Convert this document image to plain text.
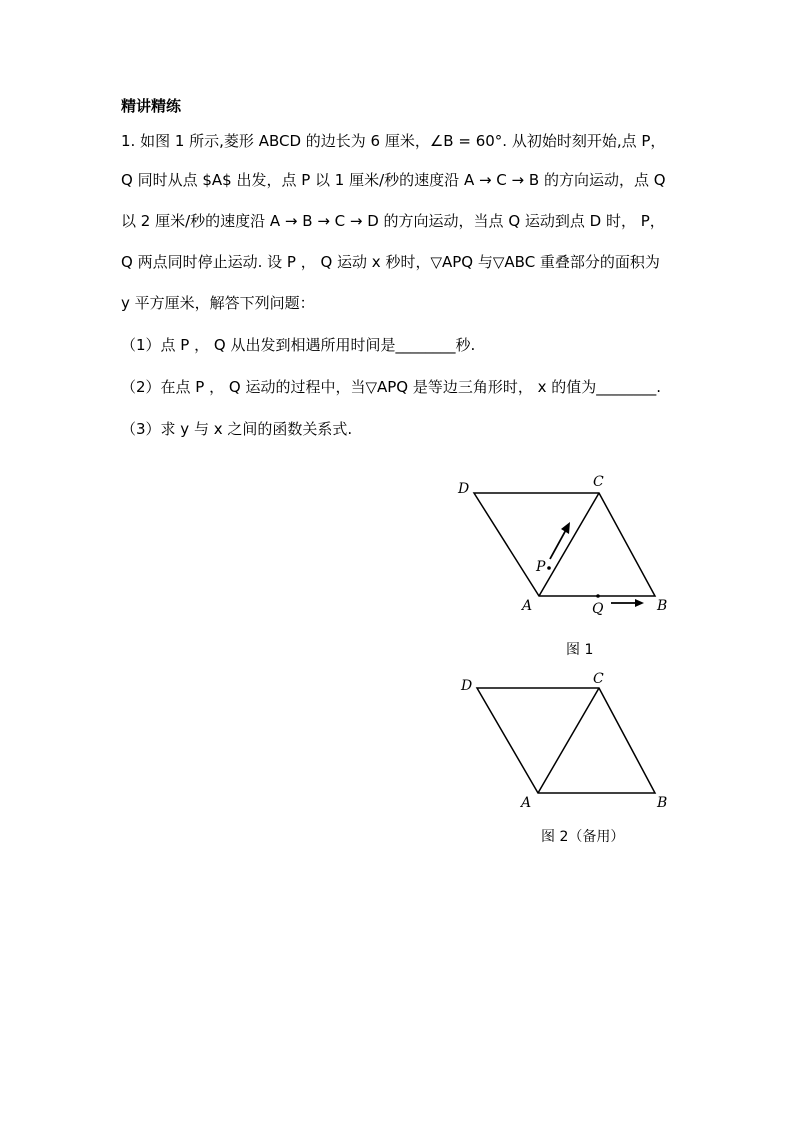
精讲精练
1. 如图 1 所示,菱形 ABCD 的边长为 6 厘米，∠B = 60°. 从初始时刻开始,点 P，
Q 同时从点 $A$ 出发，点 P 以 1 厘米/秒的速度沿 A → C → B 的方向运动，点 Q
以 2 厘米/秒的速度沿 A → B → C → D 的方向运动，当点 Q 运动到点 D 时， P，
Q 两点同时停止运动. 设 P ， Q 运动 x 秒时，▽APQ 与▽ABC 重叠部分的面积为
y 平方厘米，解答下列问题：
（1）点 P ， Q 从出发到相遇所用时间是________秒.
（2）在点 P ， Q 运动的过程中，当▽APQ 是等边三角形时， x 的值为________.
（3）求 y 与 x 之间的函数关系式.
D	C
B
A
P
Q
图 1
D	C
B
A
图 2（备用）
